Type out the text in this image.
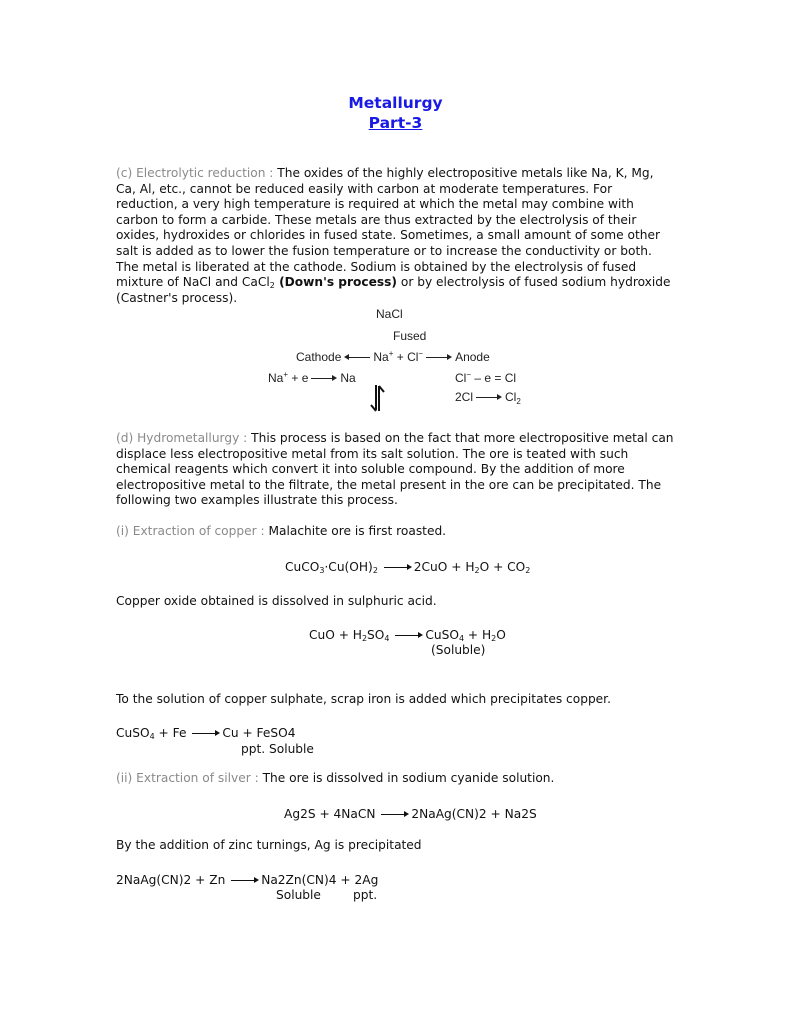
Metallurgy
Part-3
(c) Electrolytic reduction : The oxides of the highly electropositive metals like Na, K, Mg, Ca, Al, etc., cannot be reduced easily with carbon at moderate temperatures. For reduction, a very high temperature is required at which the metal may combine with carbon to form a carbide. These metals are thus extracted by the electrolysis of their oxides, hydroxides or chlorides in fused state. Sometimes, a small amount of some other salt is added as to lower the fusion temperature or to increase the conductivity or both. The metal is liberated at the cathode. Sodium is obtained by the electrolysis of fused mixture of NaCl and CaCl$_2$ (Down's process) or by electrolysis of fused sodium hydroxide (Castner's process).
NaCl
Fused
Cathode	Na+ + Cl−	Anode
Na+ + e	Na	Cl− – e = Cl
2Cl	$Cl_2$
(d) Hydrometallurgy : This process is based on the fact that more electropositive metal can displace less electropositive metal from its salt solution. The ore is teated with such chemical reagents which convert it into soluble compound. By the addition of more electropositive metal to the filtrate, the metal present in the ore can be precipitated. The following two examples illustrate this process.
(i) Extraction of copper : Malachite ore is first roasted.
$CuCO_3\cdot Cu(OH)_2$	$2CuO + H_2O + CO_2$
Copper oxide obtained is dissolved in sulphuric acid.
CuO + $H_2SO_4$	CuSO$_4$ + $H_2O$
(Soluble)
To the solution of copper sulphate, scrap iron is added which precipitates copper.
CuSO$_4$ + Fe	Cu + FeSO4
ppt. Soluble
(ii) Extraction of silver : The ore is dissolved in sodium cyanide solution.
Ag2S + 4NaCN	2NaAg(CN)2 + Na2S
By the addition of zinc turnings, Ag is precipitated
2NaAg(CN)2 + Zn	Na2Zn(CN)4 + 2Ag
Soluble	ppt.
